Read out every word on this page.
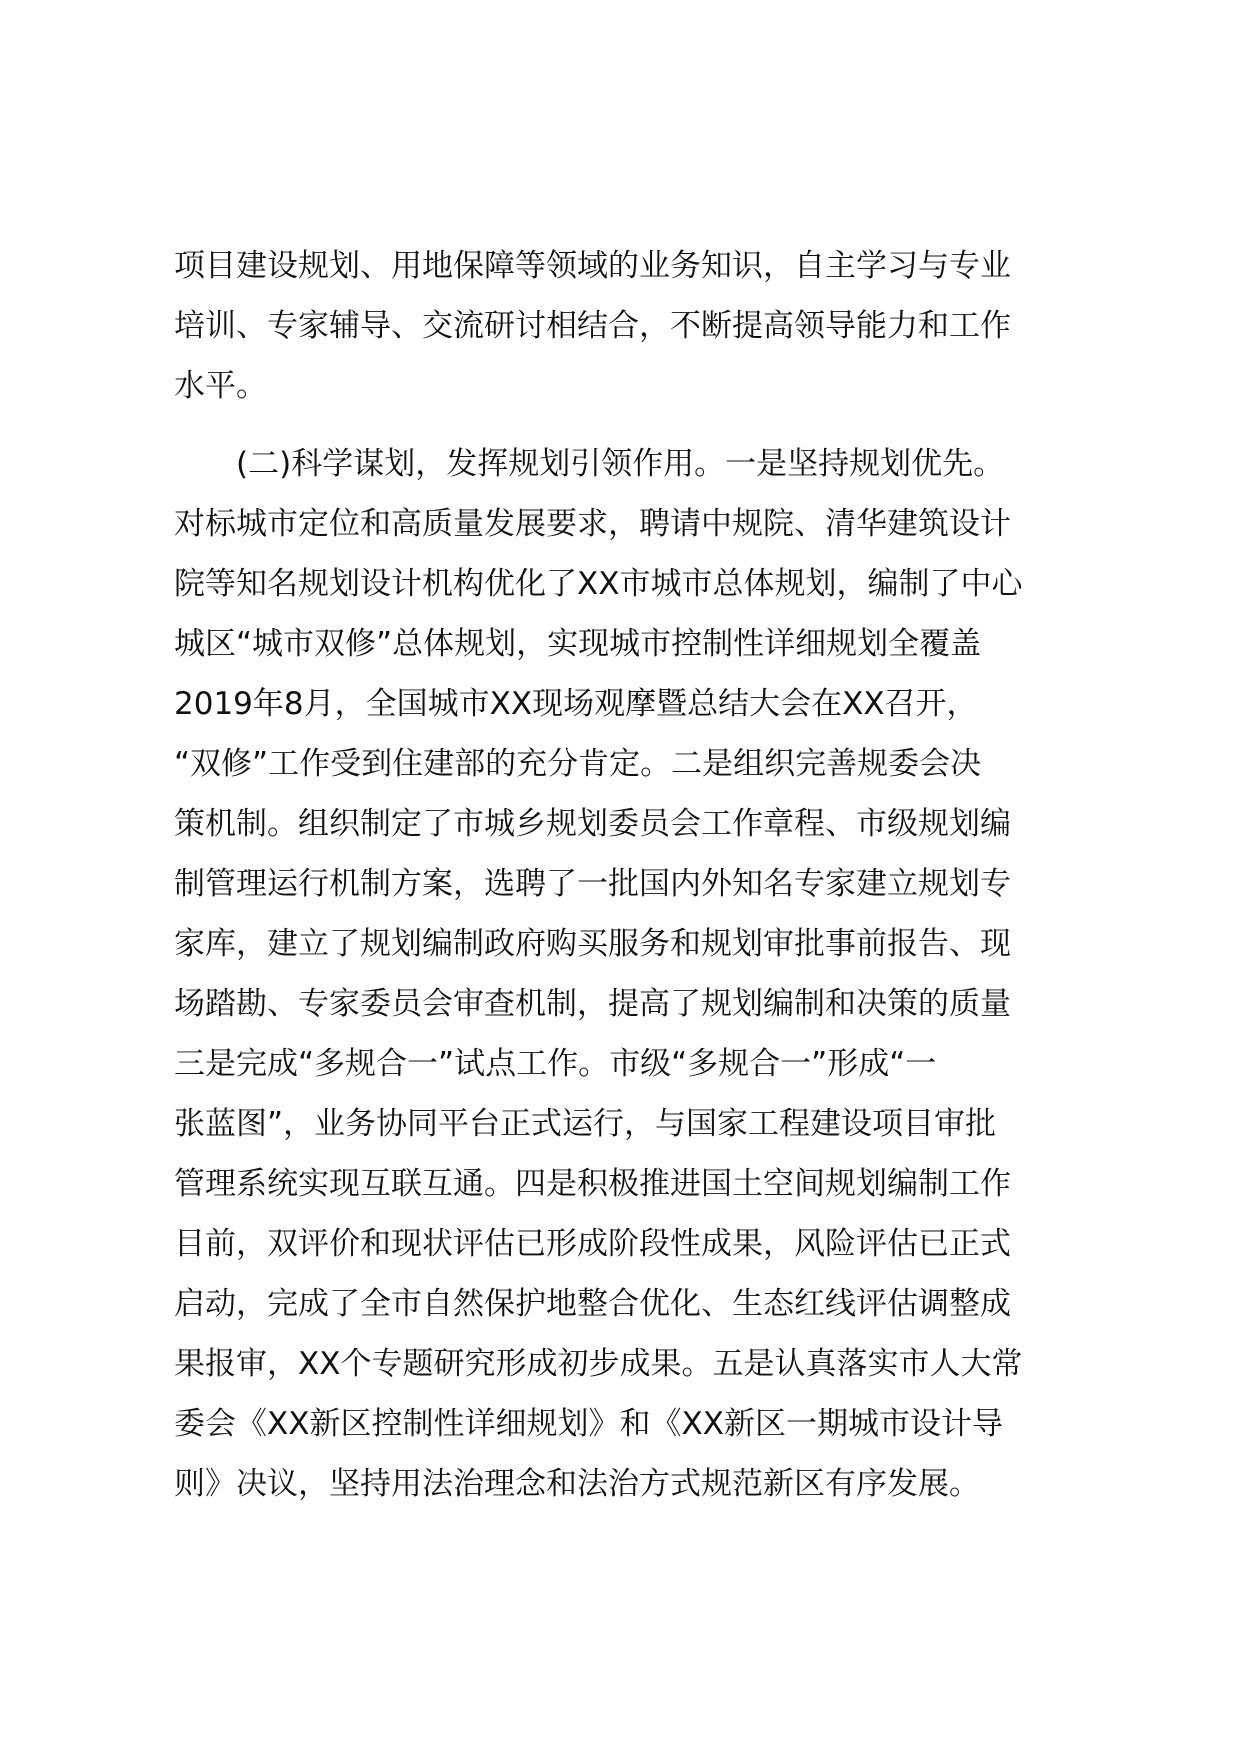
项目建设规划、用地保障等领域的业务知识，自主学习与专业
培训、专家辅导、交流研讨相结合，不断提高领导能力和工作
水平。
(二)科学谋划，发挥规划引领作用。一是坚持规划优先。
对标城市定位和高质量发展要求，聘请中规院、清华建筑设计
院等知名规划设计机构优化了XX市城市总体规划，编制了中心
城区“城市双修”总体规划，实现城市控制性详细规划全覆盖
2019年8月，全国城市XX现场观摩暨总结大会在XX召开，
“双修”工作受到住建部的充分肯定。二是组织完善规委会决
策机制。组织制定了市城乡规划委员会工作章程、市级规划编
制管理运行机制方案，选聘了一批国内外知名专家建立规划专
家库，建立了规划编制政府购买服务和规划审批事前报告、现
场踏勘、专家委员会审查机制，提高了规划编制和决策的质量
三是完成“多规合一”试点工作。市级“多规合一”形成“一
张蓝图”，业务协同平台正式运行，与国家工程建设项目审批
管理系统实现互联互通。四是积极推进国土空间规划编制工作
目前，双评价和现状评估已形成阶段性成果，风险评估已正式
启动，完成了全市自然保护地整合优化、生态红线评估调整成
果报审，XX个专题研究形成初步成果。五是认真落实市人大常
委会《XX新区控制性详细规划》和《XX新区一期城市设计导
则》决议，坚持用法治理念和法治方式规范新区有序发展。
